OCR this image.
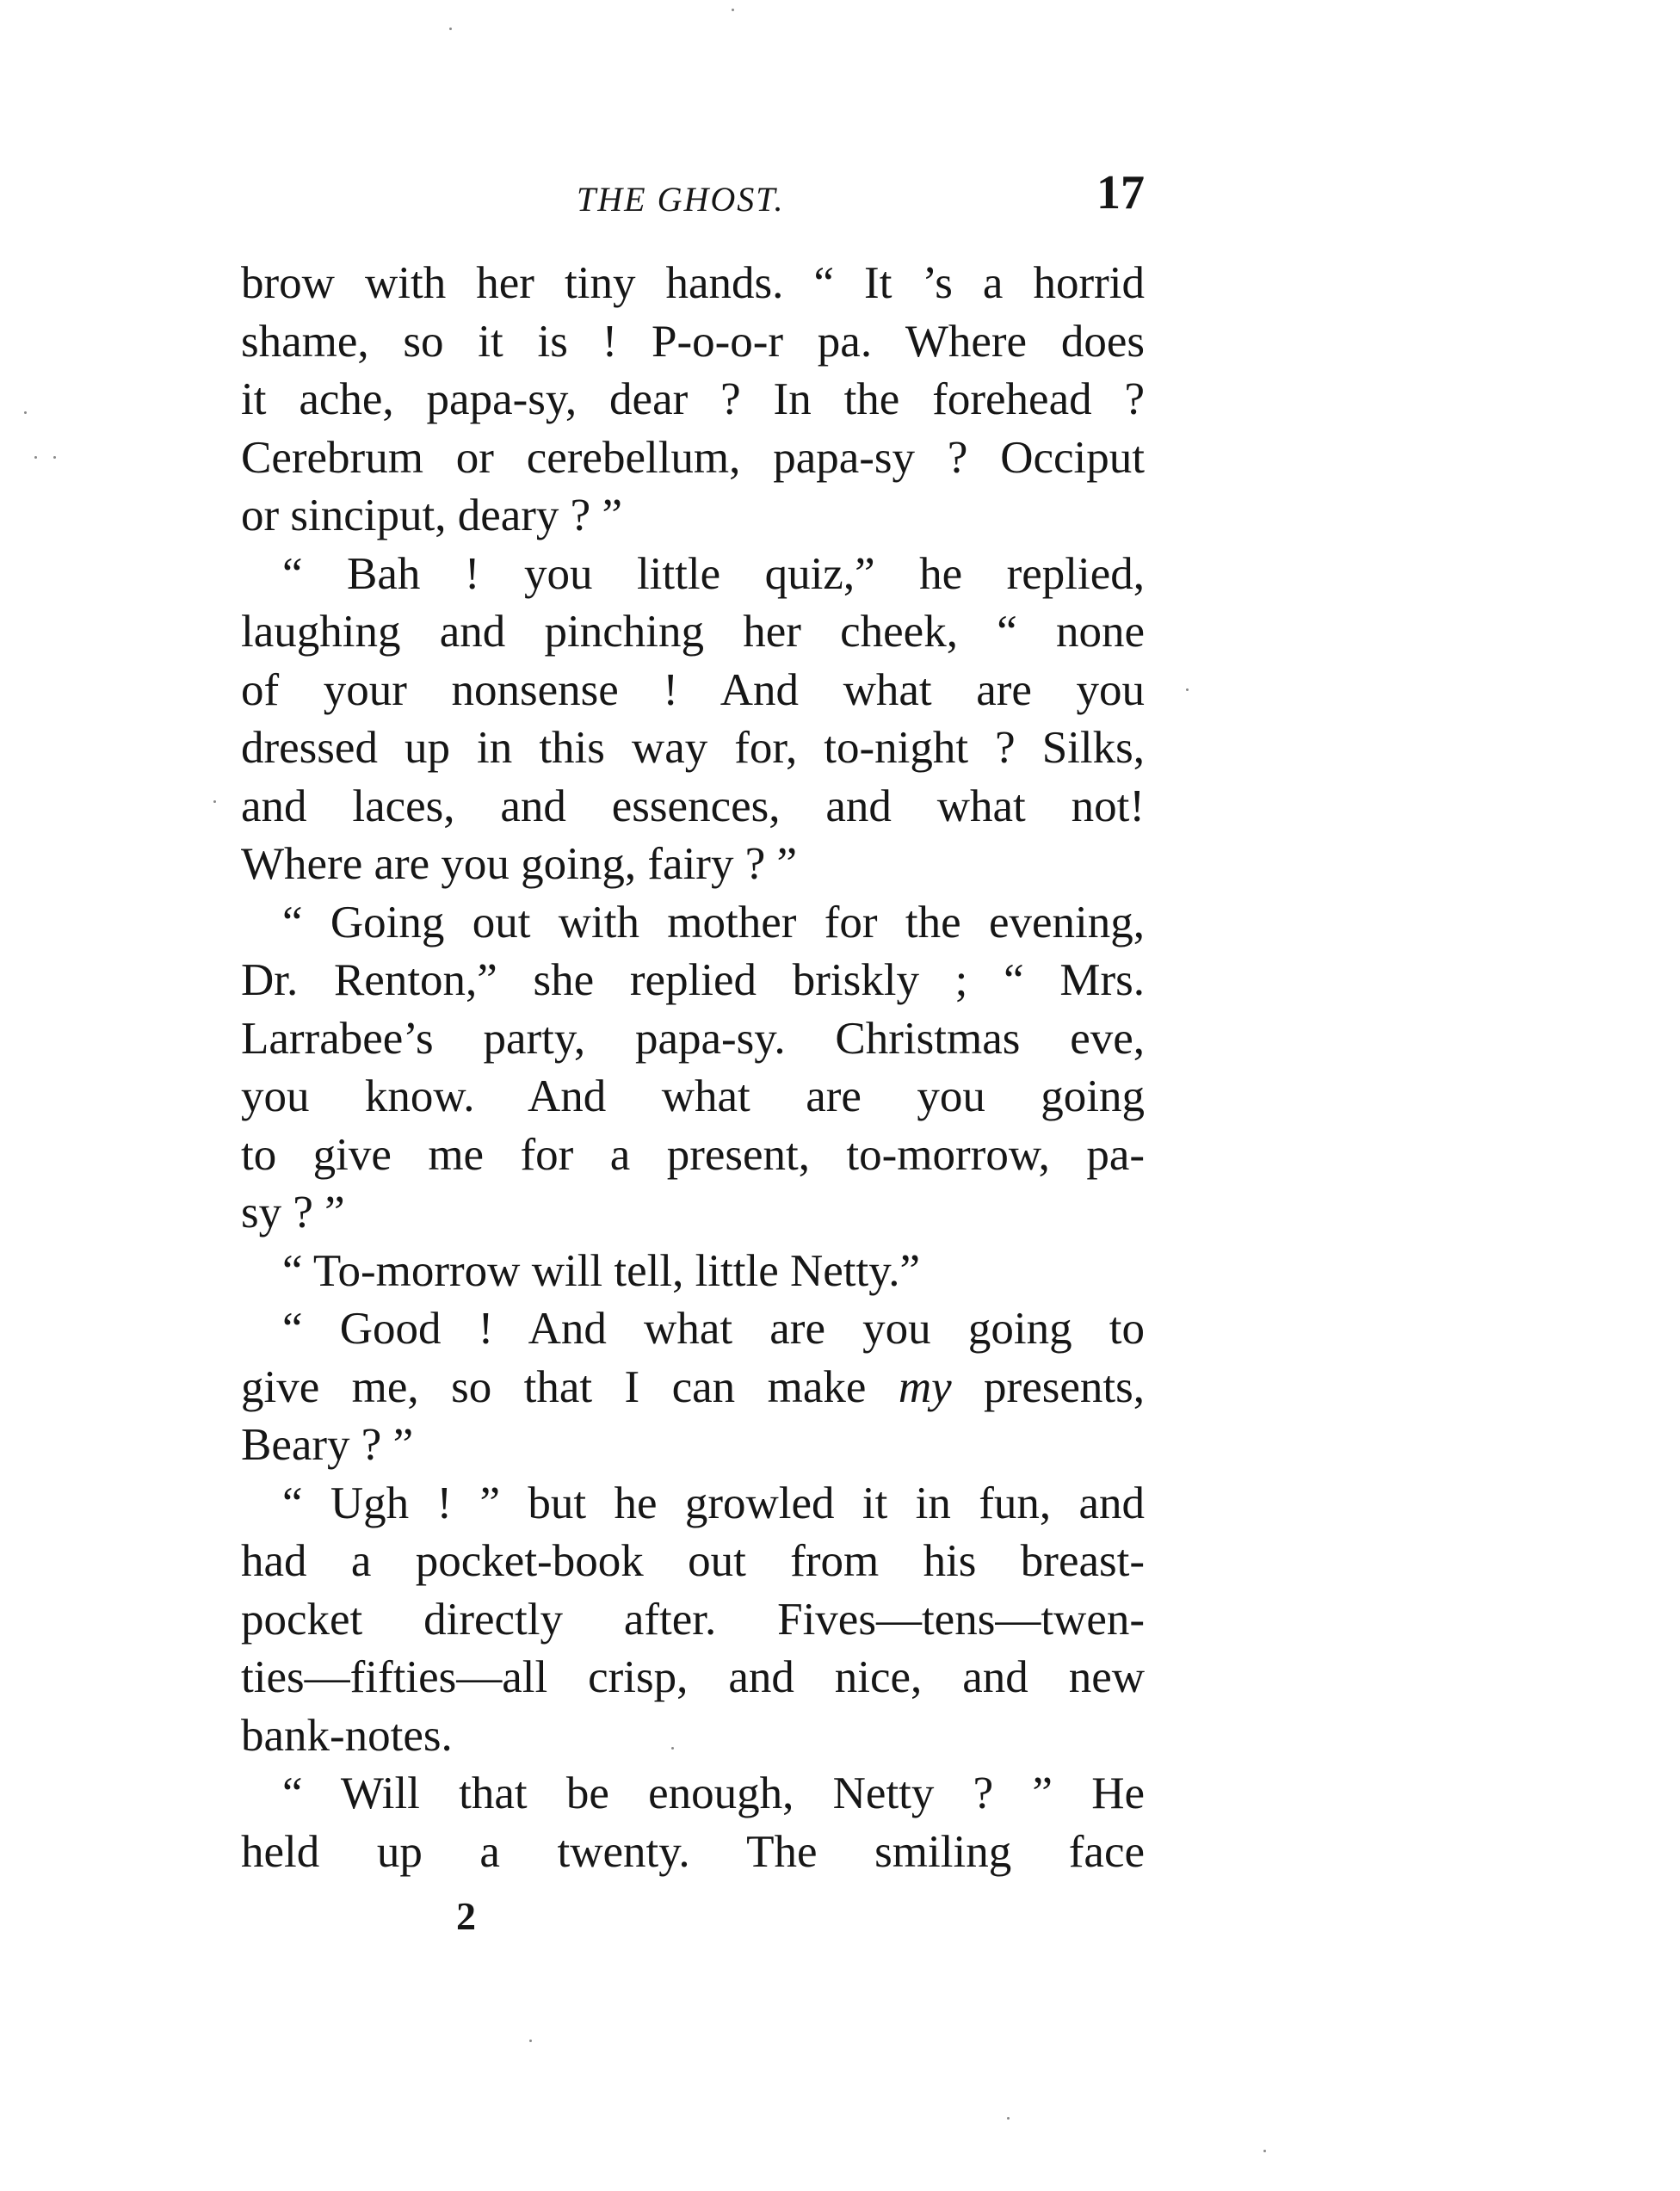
THE GHOST.	17
brow with her tiny hands. “ It ’s a horrid
shame, so it is ! P-o-o-r pa. Where does
it ache, papa-sy, dear ? In the forehead ?
Cerebrum or cerebellum, papa-sy ? Occiput
or sinciput, deary ? ”
“ Bah ! you little quiz,” he replied,
laughing and pinching her cheek, “ none
of your nonsense ! And what are you
dressed up in this way for, to-night ? Silks,
and laces, and essences, and what not!
Where are you going, fairy ? ”
“ Going out with mother for the evening,
Dr. Renton,” she replied briskly ; “ Mrs.
Larrabee’s party, papa-sy. Christmas eve,
you know. And what are you going
to give me for a present, to-morrow, pa-
sy ? ”
“ To-morrow will tell, little Netty.”
“ Good ! And what are you going to
give me, so that I can make my presents,
Beary ? ”
“ Ugh ! ” but he growled it in fun, and
had a pocket-book out from his breast-
pocket directly after. Fives—tens—twen-
ties—fifties—all crisp, and nice, and new
bank-notes.
“ Will that be enough, Netty ? ” He
held up a twenty. The smiling face
2
